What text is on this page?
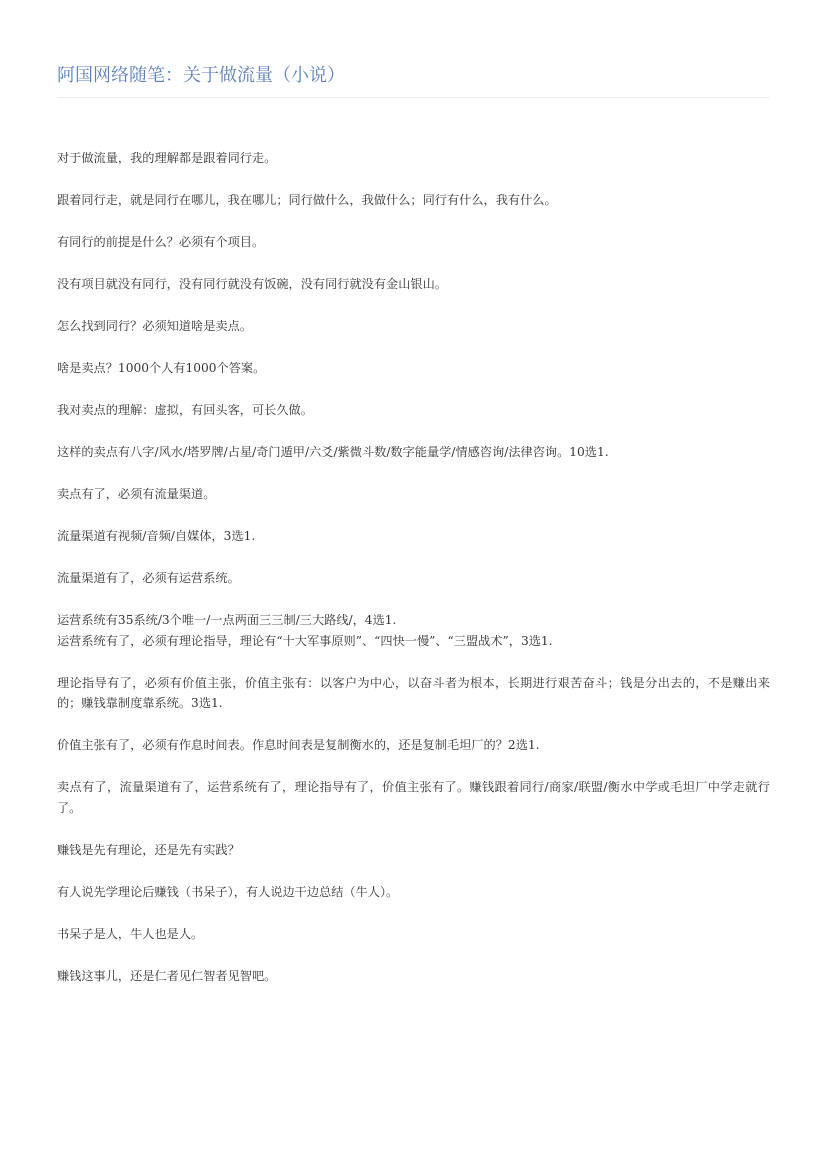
阿国网络随笔：关于做流量（小说）

对于做流量，我的理解都是跟着同行走。

跟着同行走，就是同行在哪儿，我在哪儿；同行做什么，我做什么；同行有什么，我有什么。

有同行的前提是什么？必须有个项目。

没有项目就没有同行，没有同行就没有饭碗，没有同行就没有金山银山。

怎么找到同行？必须知道啥是卖点。

啥是卖点？1000个人有1000个答案。

我对卖点的理解：虚拟，有回头客，可长久做。

这样的卖点有八字/风水/塔罗牌/占星/奇门遁甲/六爻/紫微斗数/数字能量学/情感咨询/法律咨询。10选1.

卖点有了，必须有流量渠道。

流量渠道有视频/音频/自媒体，3选1.

流量渠道有了，必须有运营系统。

运营系统有35系统/3个唯一/一点两面三三制/三大路线/，4选1.

运营系统有了，必须有理论指导，理论有“十大军事原则”、“四快一慢”、“三盟战术”，3选1.

理论指导有了，必须有价值主张，价值主张有：以客户为中心，以奋斗者为根本，长期进行艰苦奋斗；钱是分出去的，不是赚出来的；赚钱靠制度靠系统。3选1.

价值主张有了，必须有作息时间表。作息时间表是复制衡水的，还是复制毛坦厂的？2选1.

卖点有了，流量渠道有了，运营系统有了，理论指导有了，价值主张有了。赚钱跟着同行/商家/联盟/衡水中学或毛坦厂中学走就行了。

赚钱是先有理论，还是先有实践？

有人说先学理论后赚钱（书呆子），有人说边干边总结（牛人）。

书呆子是人，牛人也是人。

赚钱这事儿，还是仁者见仁智者见智吧。
